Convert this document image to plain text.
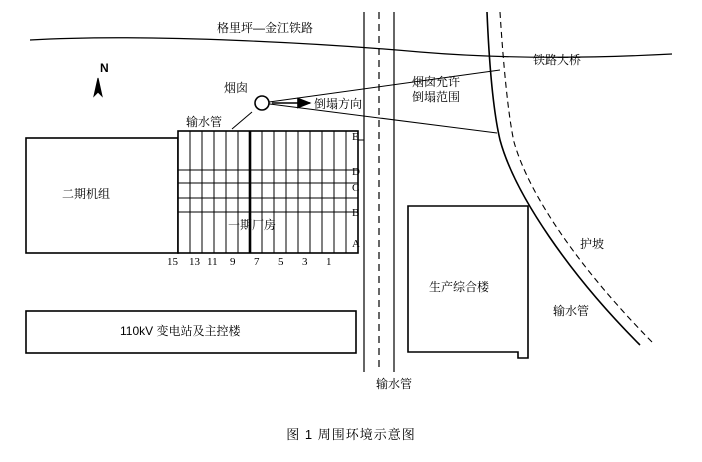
格里坪—金江铁路
铁路大桥
N
烟囱
倒塌方向
烟囱允许
倒塌范围
输水管
输水管
输水管
护坡
二期机组
一期厂房
110kV 变电站及主控楼
生产综合楼
E
D
C
B
A
15 13 11 9 7 5 3 1
图 1 周围环境示意图
